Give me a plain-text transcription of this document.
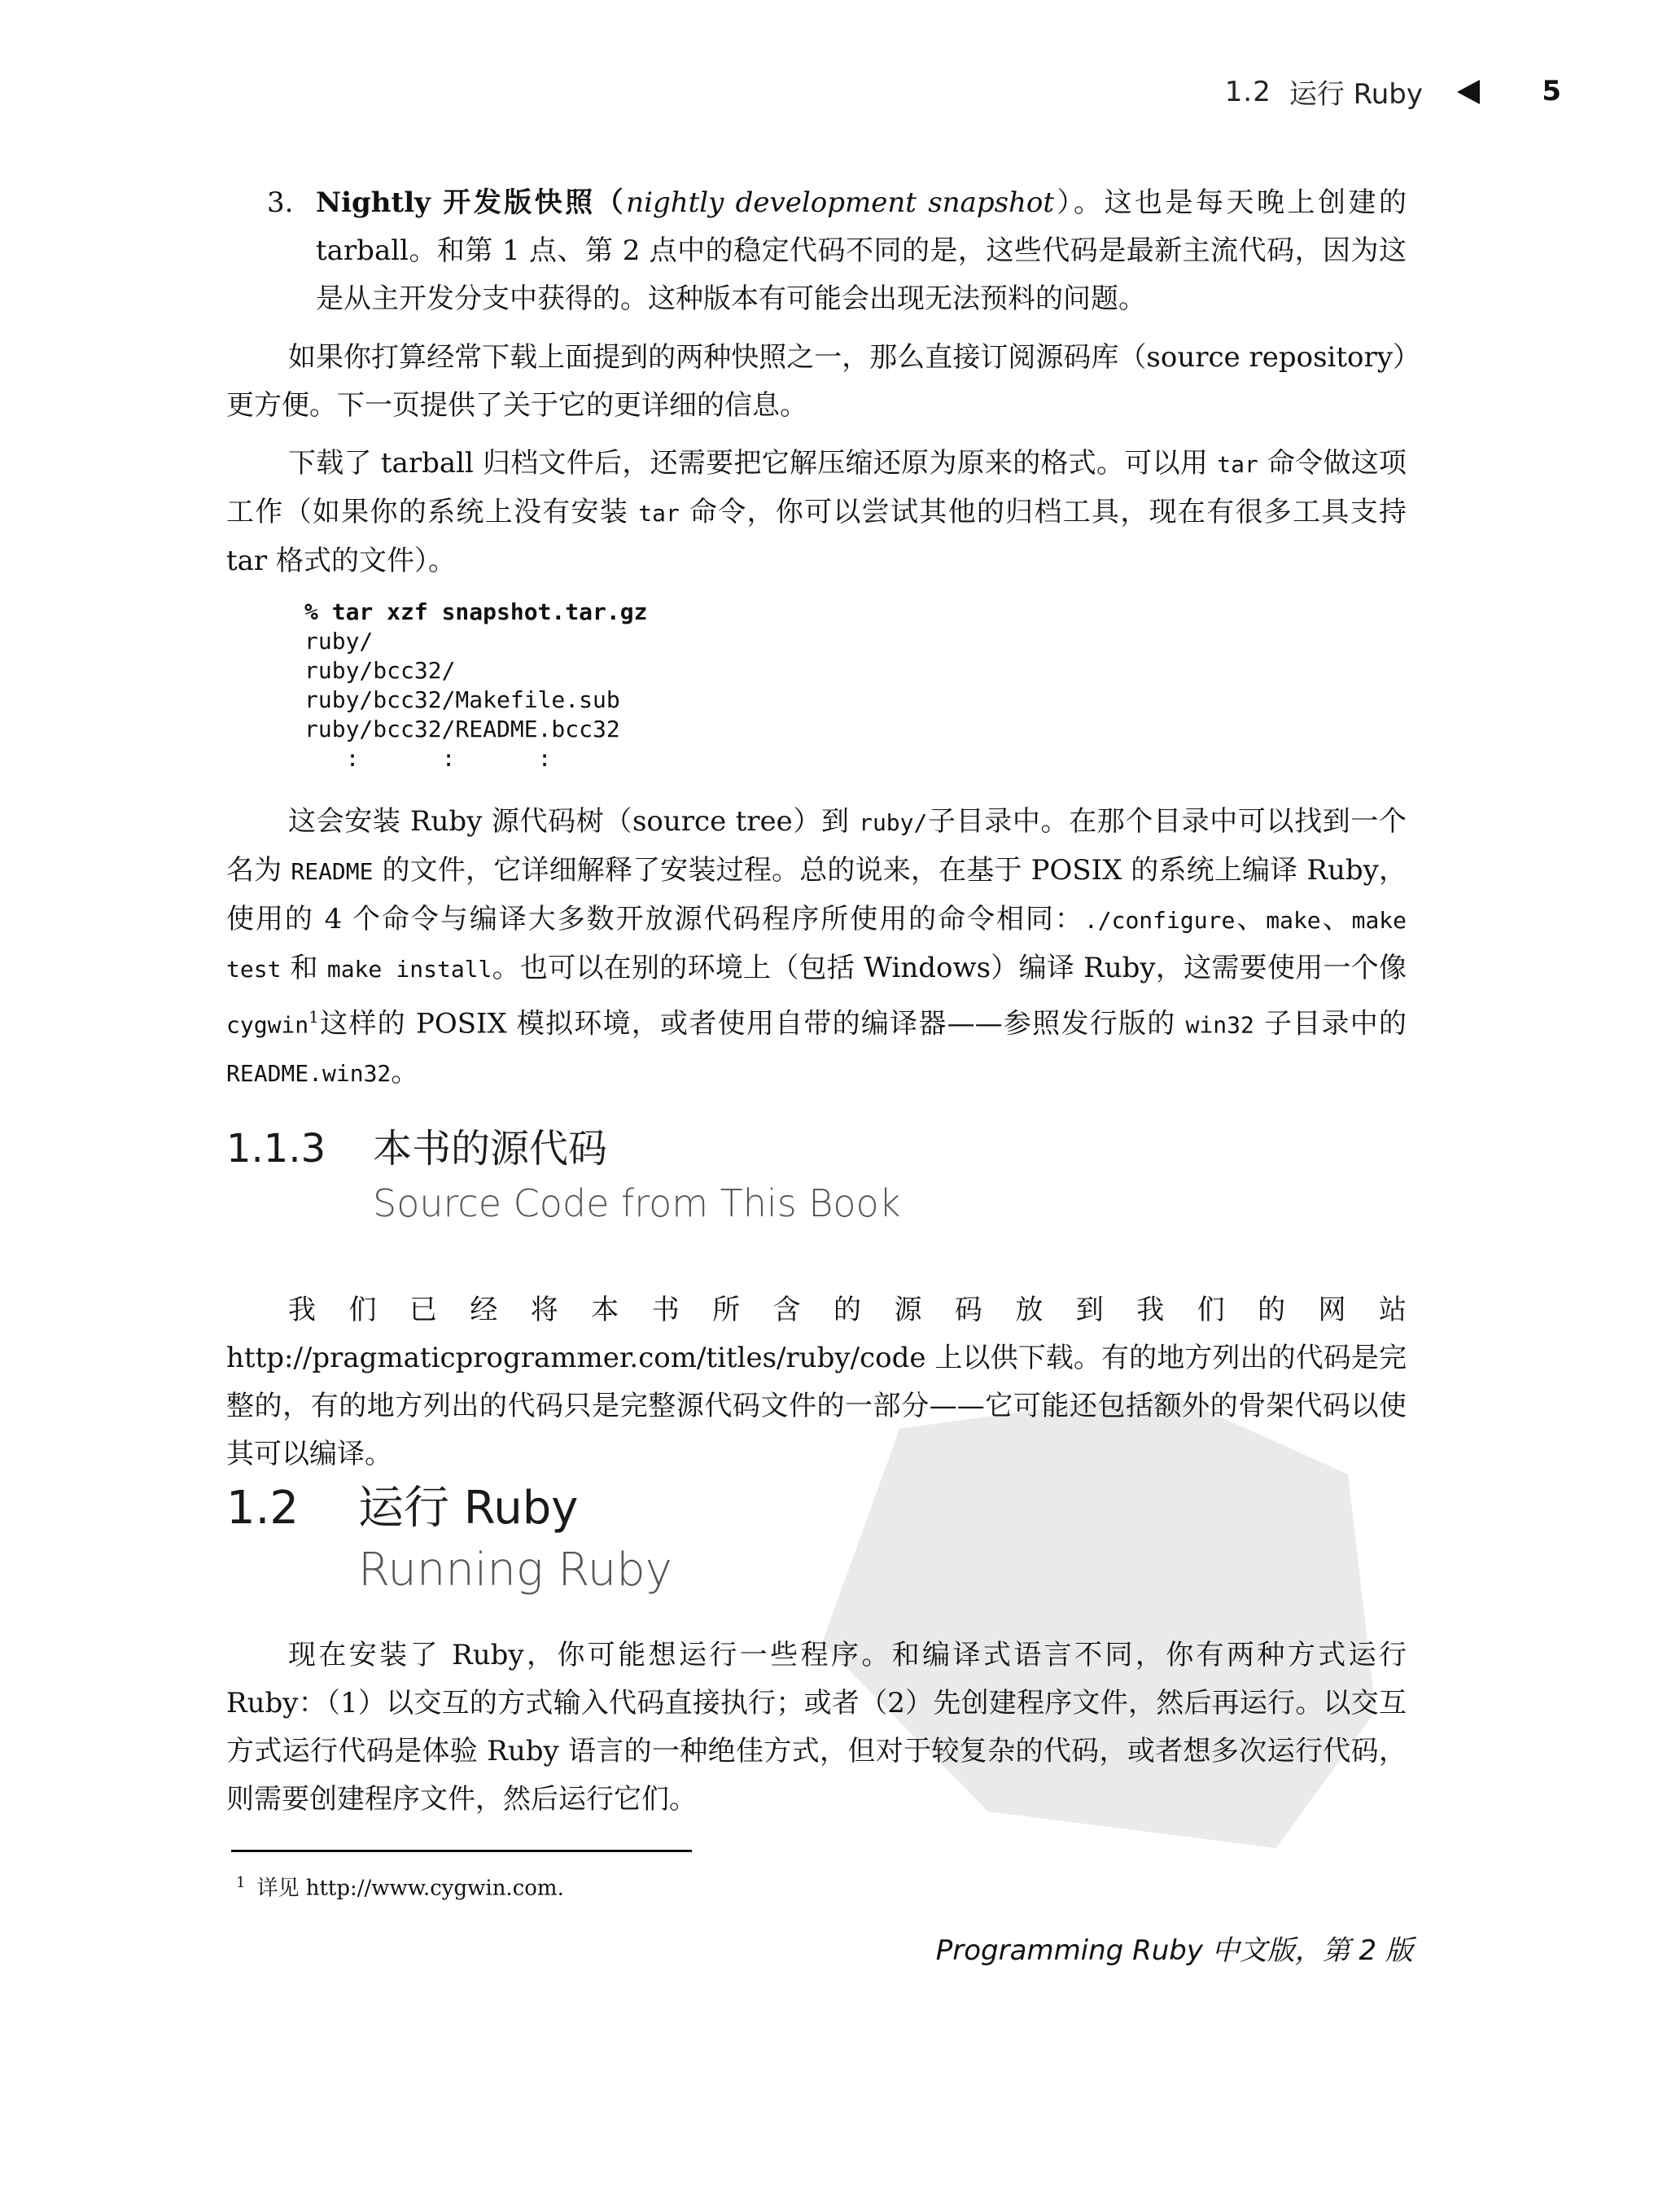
1.2 运行 Ruby	5
3. Nightly 开发版快照（nightly development snapshot）。这也是每天晚上创建的 tarball。和第 1 点、第 2 点中的稳定代码不同的是，这些代码是最新主流代码，因为这是从主开发分支中获得的。这种版本有可能会出现无法预料的问题。
如果你打算经常下载上面提到的两种快照之一，那么直接订阅源码库（source repository）更方便。下一页提供了关于它的更详细的信息。
下载了 tarball 归档文件后，还需要把它解压缩还原为原来的格式。可以用 tar 命令做这项工作（如果你的系统上没有安装 tar 命令，你可以尝试其他的归档工具，现在有很多工具支持 tar 格式的文件）。
% tar xzf snapshot.tar.gz
ruby/
ruby/bcc32/
ruby/bcc32/Makefile.sub
ruby/bcc32/README.bcc32
:      :      :
这会安装 Ruby 源代码树（source tree）到 ruby/子目录中。在那个目录中可以找到一个名为 README 的文件，它详细解释了安装过程。总的说来，在基于 POSIX 的系统上编译 Ruby，使用的 4 个命令与编译大多数开放源代码程序所使用的命令相同：./configure、make、make test 和 make install。也可以在别的环境上（包括 Windows）编译 Ruby，这需要使用一个像 cygwin$^1$这样的 POSIX 模拟环境，或者使用自带的编译器——参照发行版的 win32 子目录中的 README.win32。
1.1.3 本书的源代码
Source Code from This Book
我们已经将本书所含的源码放到我们的网站 http://pragmaticprogrammer.com/titles/ruby/code 上以供下载。有的地方列出的代码是完整的，有的地方列出的代码只是完整源代码文件的一部分——它可能还包括额外的骨架代码以使其可以编译。
1.2 运行 Ruby
Running Ruby
现在安装了 Ruby，你可能想运行一些程序。和编译式语言不同，你有两种方式运行 Ruby：（1）以交互的方式输入代码直接执行；或者（2）先创建程序文件，然后再运行。以交互方式运行代码是体验 Ruby 语言的一种绝佳方式，但对于较复杂的代码，或者想多次运行代码，则需要创建程序文件，然后运行它们。
$^1$ 详见 http://www.cygwin.com.
Programming Ruby 中文版，第 2 版
